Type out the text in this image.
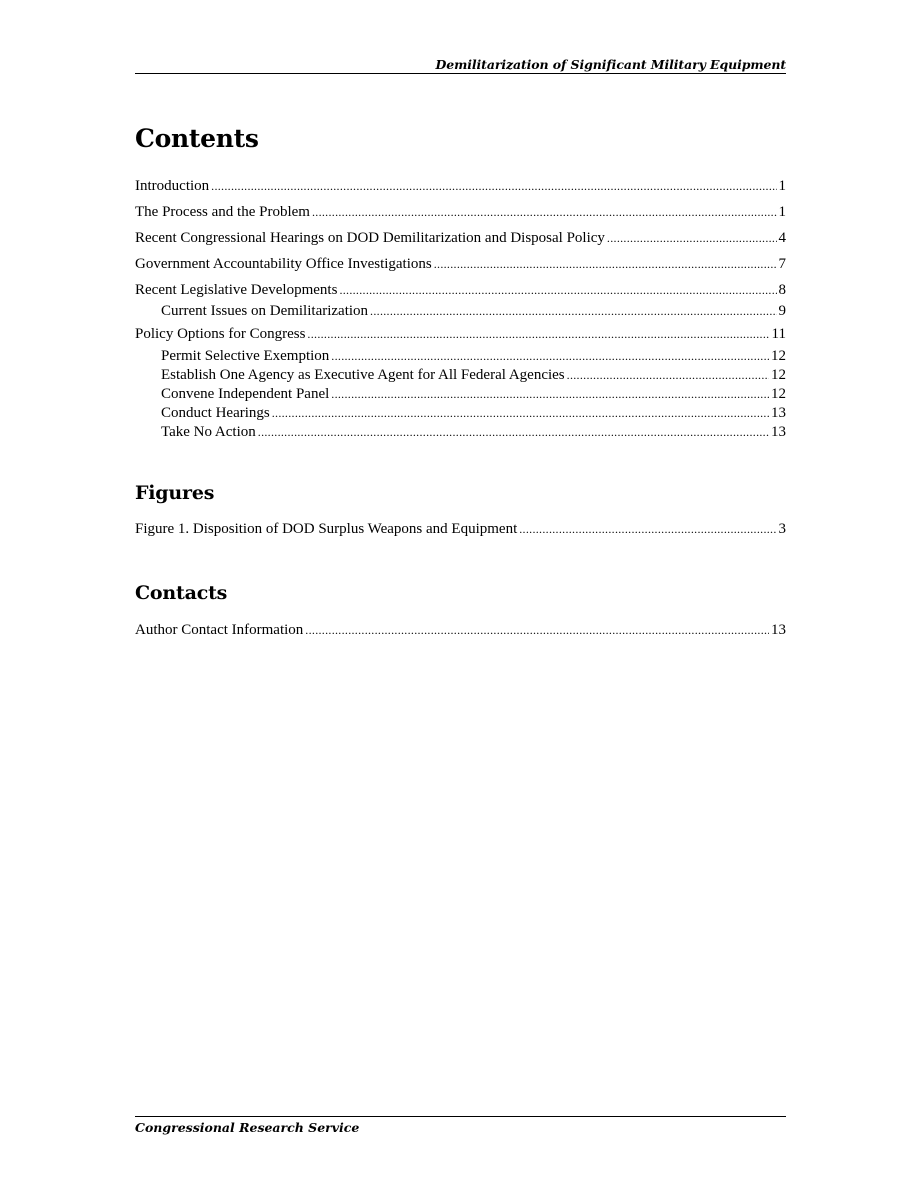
Demilitarization of Significant Military Equipment
Contents
Introduction .....	1
The Process and the Problem .....	1
Recent Congressional Hearings on DOD Demilitarization and Disposal Policy .....	4
Government Accountability Office Investigations .....	7
Recent Legislative Developments .....	8
Current Issues on Demilitarization .....	9
Policy Options for Congress .....	11
Permit Selective Exemption .....	12
Establish One Agency as Executive Agent for All Federal Agencies .....	12
Convene Independent Panel .....	12
Conduct Hearings .....	13
Take No Action .....	13
Figures
Figure 1. Disposition of DOD Surplus Weapons and Equipment .....	3
Contacts
Author Contact Information .....	13
Congressional Research Service
